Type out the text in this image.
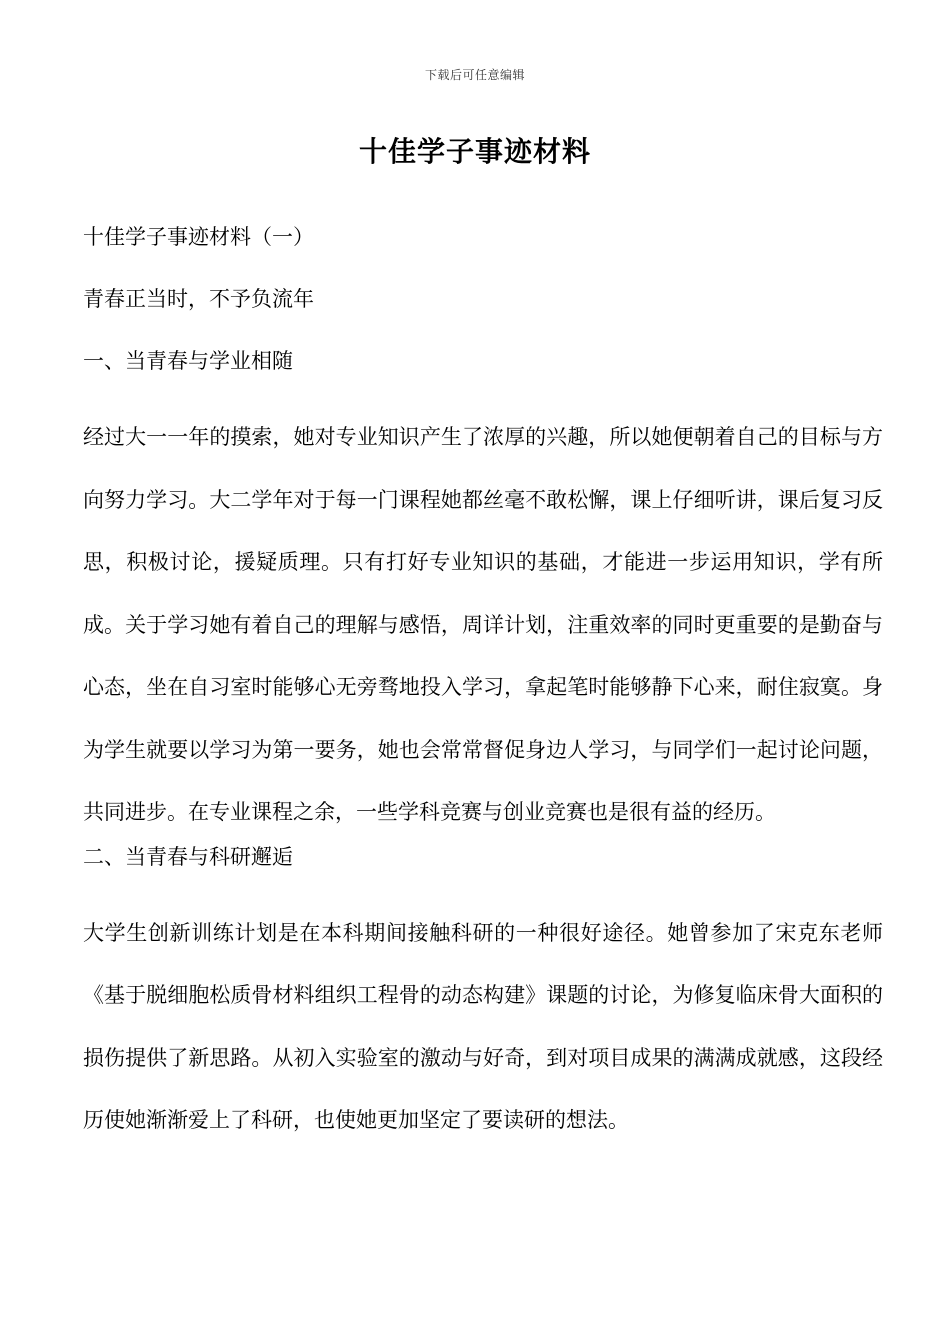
下载后可任意编辑
十佳学子事迹材料
十佳学子事迹材料（一）
青春正当时，不予负流年
一、当青春与学业相随

经过大一一年的摸索，她对专业知识产生了浓厚的兴趣，所以她便朝着自己的目标与方向努力学习。大二学年对于每一门课程她都丝毫不敢松懈，课上仔细听讲，课后复习反思，积极讨论，援疑质理。只有打好专业知识的基础，才能进一步运用知识，学有所成。关于学习她有着自己的理解与感悟，周详计划，注重效率的同时更重要的是勤奋与心态，坐在自习室时能够心无旁骛地投入学习，拿起笔时能够静下心来，耐住寂寞。身为学生就要以学习为第一要务，她也会常常督促身边人学习，与同学们一起讨论问题，共同进步。在专业课程之余，一些学科竞赛与创业竞赛也是很有益的经历。

二、当青春与科研邂逅

大学生创新训练计划是在本科期间接触科研的一种很好途径。她曾参加了宋克东老师《基于脱细胞松质骨材料组织工程骨的动态构建》课题的讨论，为修复临床骨大面积的损伤提供了新思路。从初入实验室的激动与好奇，到对项目成果的满满成就感，这段经历使她渐渐爱上了科研，也使她更加坚定了要读研的想法。
